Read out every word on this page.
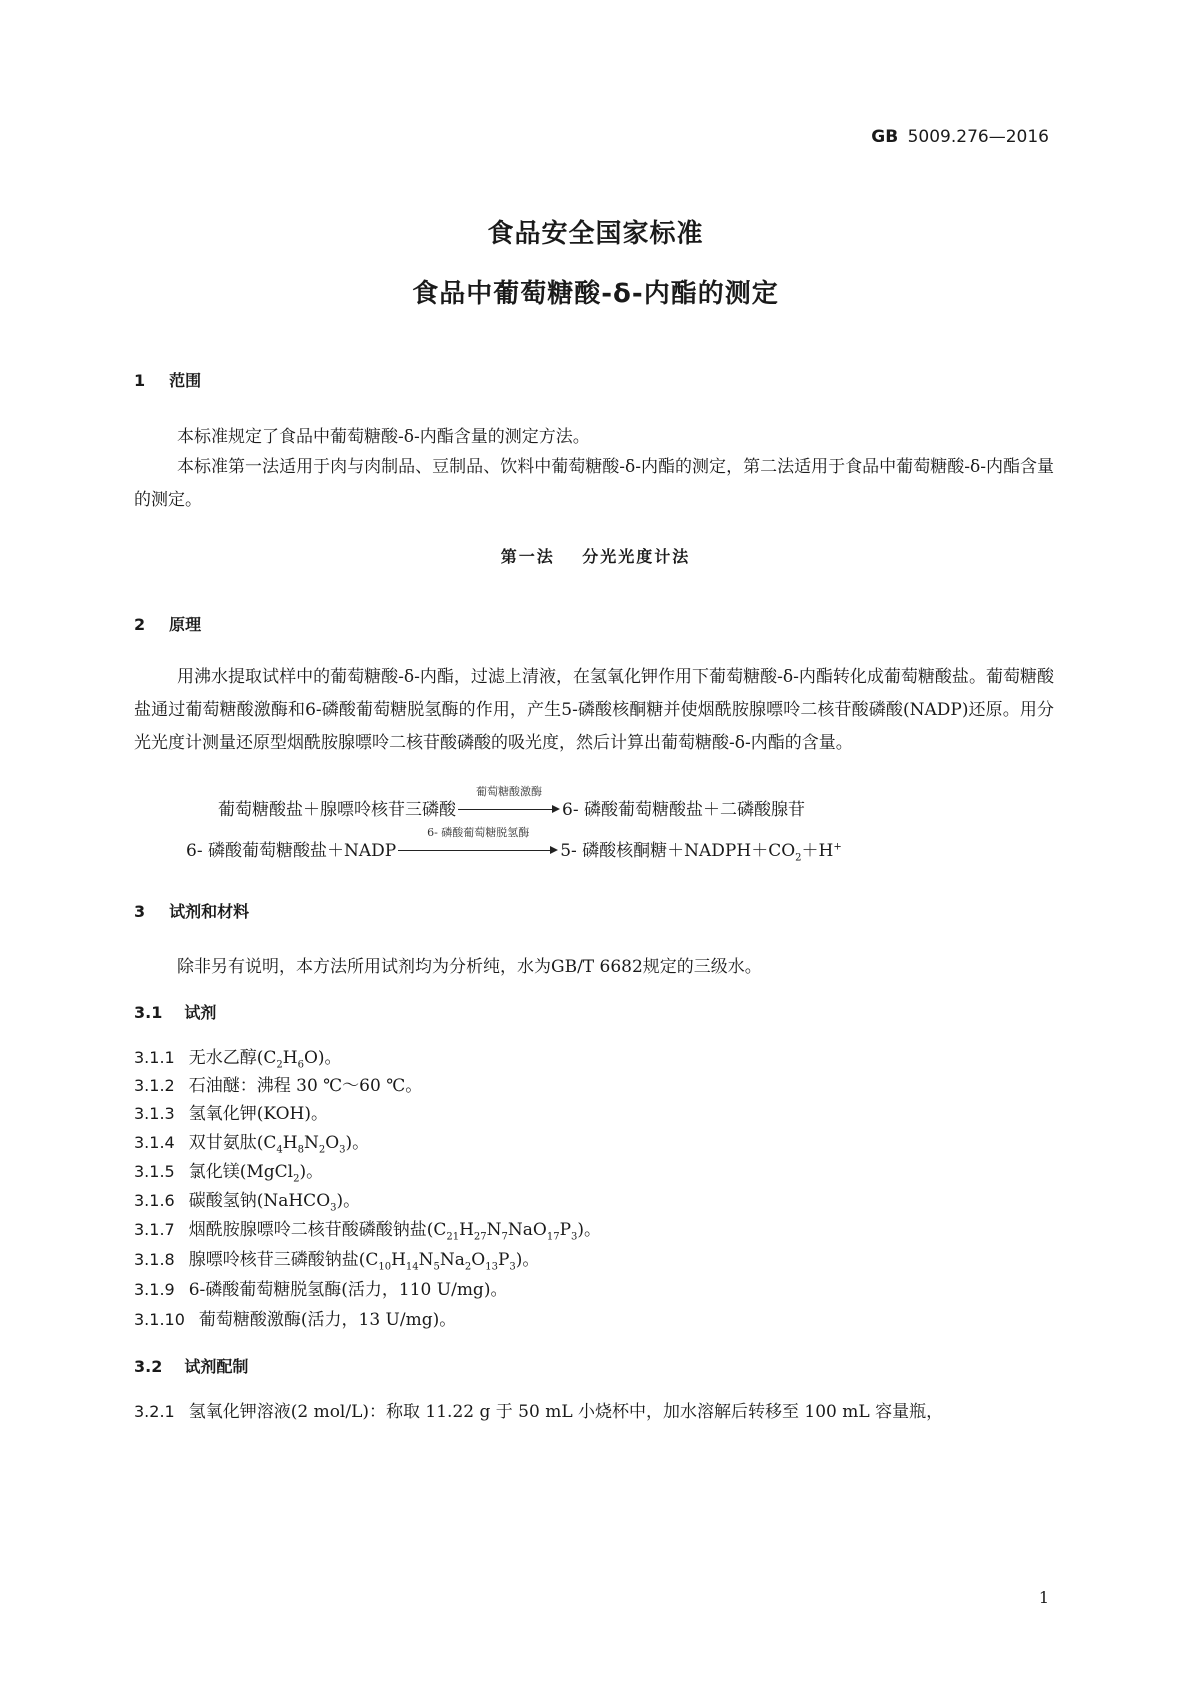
GB 5009.276—2016
食品安全国家标准
食品中葡萄糖酸-δ-内酯的测定
1 范围
本标准规定了食品中葡萄糖酸-δ-内酯含量的测定方法。
本标准第一法适用于肉与肉制品、豆制品、饮料中葡萄糖酸-δ-内酯的测定，第二法适用于食品中葡萄糖酸-δ-内酯含量的测定。
第一法 分光光度计法
2 原理
用沸水提取试样中的葡萄糖酸-δ-内酯，过滤上清液，在氢氧化钾作用下葡萄糖酸-δ-内酯转化成葡萄糖酸盐。葡萄糖酸盐通过葡萄糖酸激酶和6-磷酸葡萄糖脱氢酶的作用，产生5-磷酸核酮糖并使烟酰胺腺嘌呤二核苷酸磷酸(NADP)还原。用分光光度计测量还原型烟酰胺腺嘌呤二核苷酸磷酸的吸光度，然后计算出葡萄糖酸-δ-内酯的含量。
葡萄糖酸盐＋腺嘌呤核苷三磷酸
葡萄糖酸激酶
6- 磷酸葡萄糖酸盐＋二磷酸腺苷
6- 磷酸葡萄糖酸盐＋NADP
6- 磷酸葡萄糖脱氢酶
5- 磷酸核酮糖$+NADPH+CO_2+H^+$
3 试剂和材料
除非另有说明，本方法所用试剂均为分析纯，水为GB/T 6682规定的三级水。
3.1 试剂
3.1.1 无水乙醇$(C_2H_6O)$。
3.1.2 石油醚：沸程 30 ℃～60 ℃。
3.1.3 氢氧化钾(KOH)。
3.1.4 双甘氨肽$(C_4H_8N_2O_3)$。
3.1.5 氯化镁(MgCl$_2$)。
3.1.6 碳酸氢钠(NaHCO$_3$)。
3.1.7 烟酰胺腺嘌呤二核苷酸磷酸钠盐$(C_{21}H_{27}N_7NaO_{17}P_3)$。
3.1.8 腺嘌呤核苷三磷酸钠盐$(C_{10}H_{14}N_5Na_2O_{13}P_3)$。
3.1.9 6-磷酸葡萄糖脱氢酶(活力，110 U/mg)。
3.1.10 葡萄糖酸激酶(活力，13 U/mg)。
3.2 试剂配制
3.2.1 氢氧化钾溶液(2 mol/L)：称取 11.22 g 于 50 mL 小烧杯中，加水溶解后转移至 100 mL 容量瓶，
1
